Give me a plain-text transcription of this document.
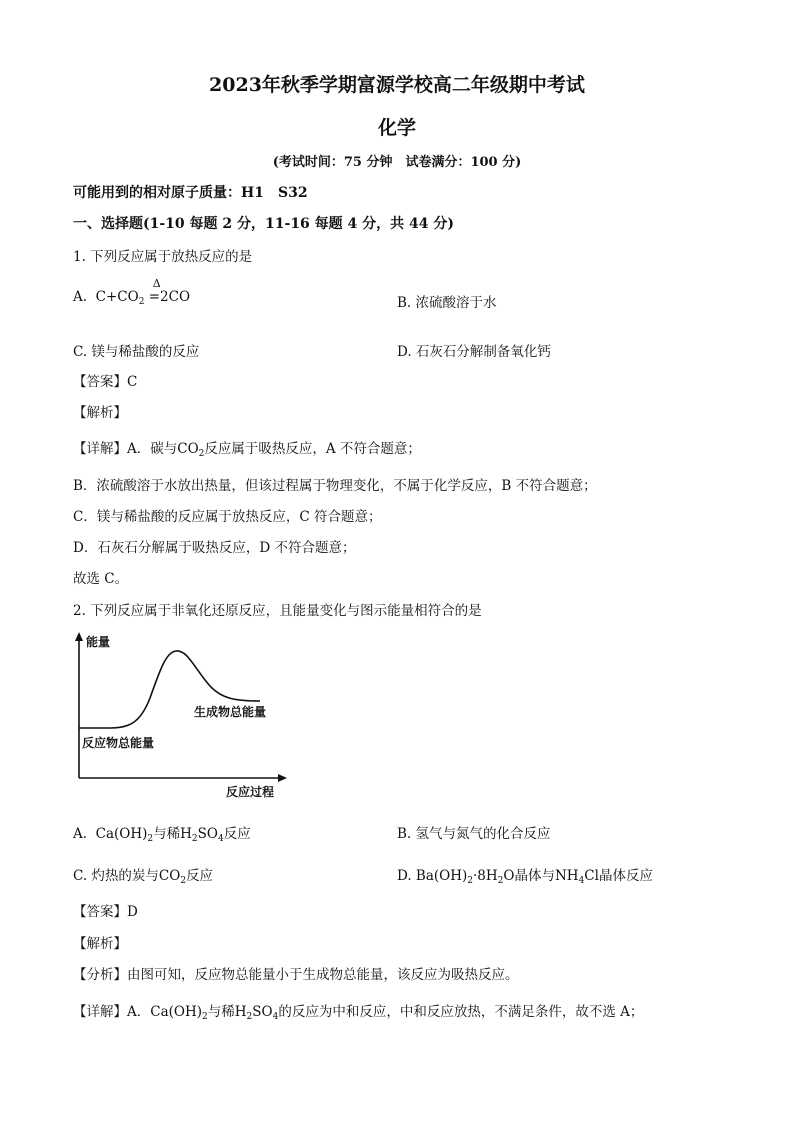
2023年秋季学期富源学校高二年级期中考试
化学
(考试时间：75 分钟　试卷满分：100 分)
可能用到的相对原子质量：H1　S32
一、选择题(1-10 每题 2 分，11-16 每题 4 分，共 44 分)
1. 下列反应属于放热反应的是
A. $C+CO_2$
Δ
=2CO	B. 浓硫酸溶于水
C. 镁与稀盐酸的反应	D. 石灰石分解制备氧化钙
【答案】C
【解析】
【详解】A．碳与$CO_2$反应属于吸热反应，A 不符合题意；
B．浓硫酸溶于水放出热量，但该过程属于物理变化，不属于化学反应，B 不符合题意；
C．镁与稀盐酸的反应属于放热反应，C 符合题意；
D．石灰石分解属于吸热反应，D 不符合题意；
故选 C。
2. 下列反应属于非氧化还原反应，且能量变化与图示能量相符合的是
能量
生成物总能量
反应物总能量
反应过程
A. $Ca(OH)_2$与稀$H_2SO_4$反应	B. 氢气与氮气的化合反应
C. 灼热的炭与$CO_2$反应	D. $Ba(OH)_2\cdot 8H_2O$晶体与$NH_4Cl$晶体反应
【答案】D
【解析】
【分析】由图可知，反应物总能量小于生成物总能量，该反应为吸热反应。
【详解】A．$Ca(OH)_2$与稀$H_2SO_4$的反应为中和反应，中和反应放热，不满足条件，故不选 A；
